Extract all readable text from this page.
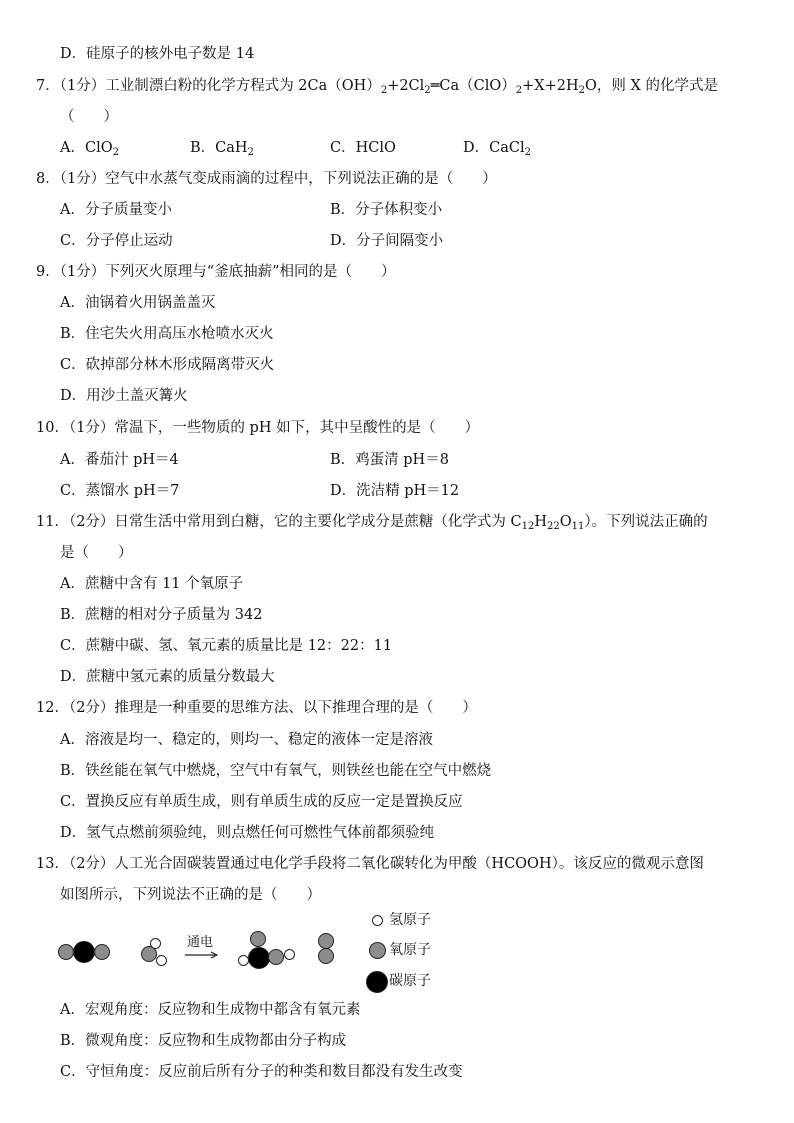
D．硅原子的核外电子数是 14
7．（1分）工业制漂白粉的化学方程式为 $2Ca(OH)_2+2Cl_2═Ca(ClO)_2+X+2H_2O$，则 X 的化学式是
（　　）
A．ClO$_2$	B．CaH$_2$	C．HClO	D．CaCl$_2$
8．（1分）空气中水蒸气变成雨滴的过程中，下列说法正确的是（　　）
A．分子质量变小	B．分子体积变小
C．分子停止运动	D．分子间隔变小
9．（1分）下列灭火原理与“釜底抽薪”相同的是（　　）
A．油锅着火用锅盖盖灭
B．住宅失火用高压水枪喷水灭火
C．砍掉部分林木形成隔离带灭火
D．用沙土盖灭篝火
10．（1分）常温下，一些物质的 pH 如下，其中呈酸性的是（　　）
A．番茄汁 pH＝4	B．鸡蛋清 pH＝8
C．蒸馏水 pH＝7	D．洗洁精 pH＝12
11．（2分）日常生活中常用到白糖，它的主要化学成分是蔗糖（化学式为 $C_{12}H_{22}O_{11}$）。下列说法正确的
是（　　）
A．蔗糖中含有 11 个氧原子
B．蔗糖的相对分子质量为 342
C．蔗糖中碳、氢、氧元素的质量比是 12：22：11
D．蔗糖中氢元素的质量分数最大
12．（2分）推理是一种重要的思维方法、以下推理合理的是（　　）
A．溶液是均一、稳定的，则均一、稳定的液体一定是溶液
B．铁丝能在氧气中燃烧，空气中有氧气，则铁丝也能在空气中燃烧
C．置换反应有单质生成，则有单质生成的反应一定是置换反应
D．氢气点燃前须验纯，则点燃任何可燃性气体前都须验纯
13．（2分）人工光合固碳装置通过电化学手段将二氧化碳转化为甲酸（HCOOH）。该反应的微观示意图
如图所示，下列说法不正确的是（　　）
通电
氢原子
氧原子
碳原子
A．宏观角度：反应物和生成物中都含有氧元素
B．微观角度：反应物和生成物都由分子构成
C．守恒角度：反应前后所有分子的种类和数目都没有发生改变
